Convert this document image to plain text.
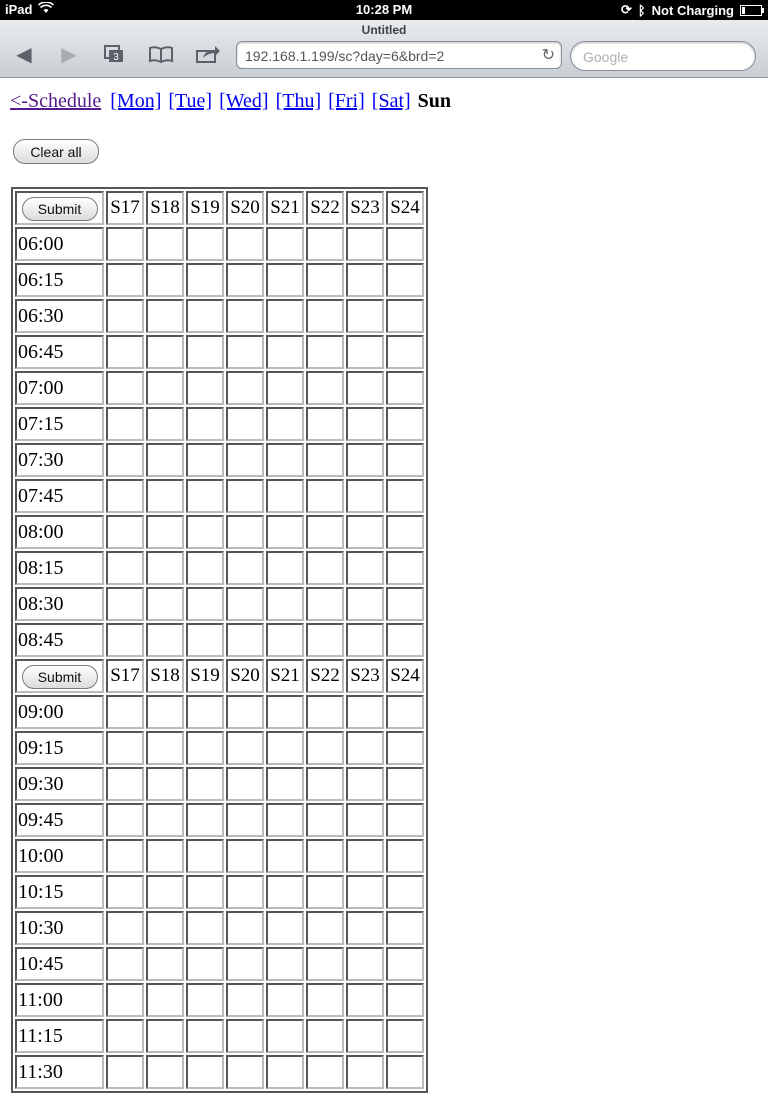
iPad	10:28 PM	⟳ ᛒ Not Charging
Untitled
◀	▶	3	192.168.1.199/sc?day=6&brd=2	↻	Google
<-Schedule [Mon] [Tue] [Wed] [Thu] [Fri] [Sat] Sun
Clear all
Submit	S17	S18	S19	S20	S21	S22	S23	S24
06:00								
06:15								
06:30								
06:45								
07:00								
07:15								
07:30								
07:45								
08:00								
08:15								
08:30								
08:45								
Submit	S17	S18	S19	S20	S21	S22	S23	S24
09:00								
09:15								
09:30								
09:45								
10:00								
10:15								
10:30								
10:45								
11:00								
11:15								
11:30								
